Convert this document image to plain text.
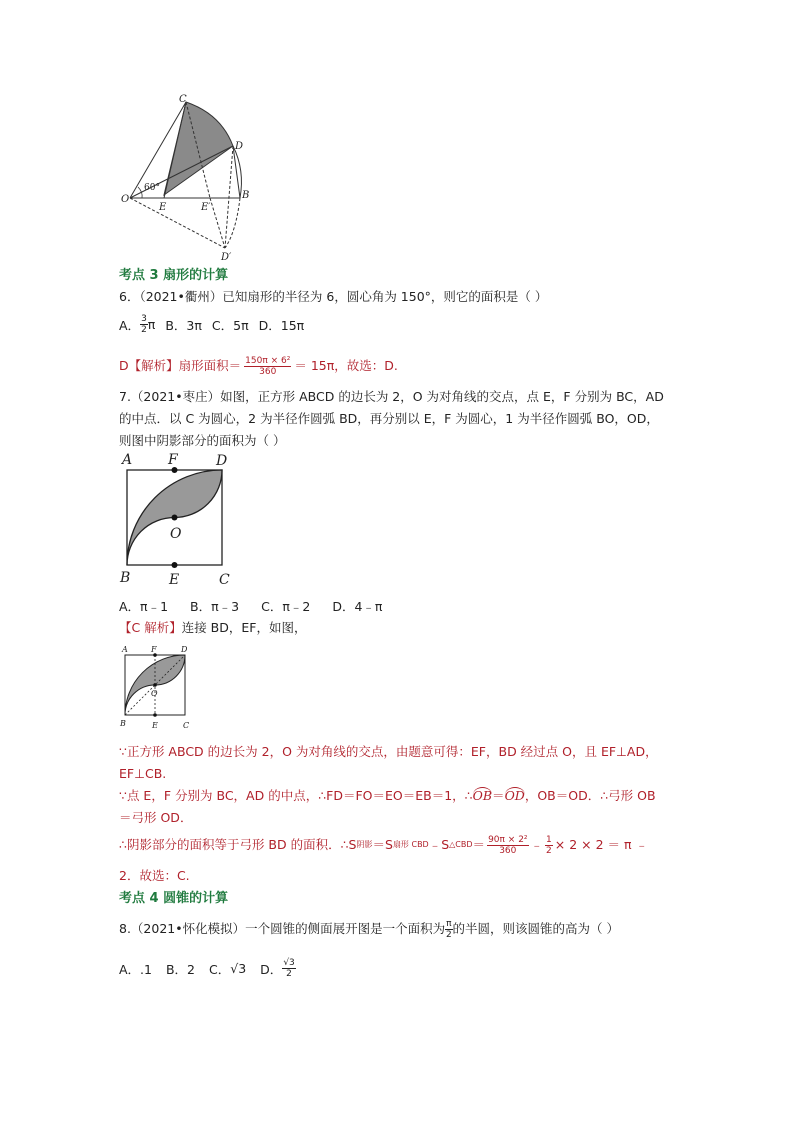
60°
C
D
O
E	E′
B
D′
考点 3 扇形的计算
6．（2021•衢州）已知扇形的半径为 6，圆心角为 150°，则它的面积是（ ）
A． $\frac{3}{2}$ π B．3π C．5π D．15π
D【解析】扇形面积＝ $\frac{\text{150π × 6²}}{360} = 15\pi$，故选：D.
7.（2021•枣庄）如图，正方形 ABCD 的边长为 2，O 为对角线的交点，点 E，F 分别为 BC，AD
的中点．以 C 为圆心，2 为半径作圆弧 BD，再分别以 E，F 为圆心，1 为半径作圆弧 BO，OD，
则图中阴影部分的面积为（ ）
A	F	D
O
B	E	C
A．π﹣1 B．π﹣3 C．π﹣2 D．4﹣π
【C 解析】连接 BD，EF，如图，
A	F	D
O
B	E	C
∵正方形 ABCD 的边长为 2，O 为对角线的交点，由题意可得：EF，BD 经过点 O，且 EF⊥AD，
EF⊥CB.
∵点 E，F 分别为 BC，AD 的中点，∴FD＝FO＝EO＝EB＝1，∴OB＝OD，OB＝OD．∴弓形 OB
＝弓形 OD．
∴阴影部分的面积等于弓形 BD 的面积．∴S 阴影 ＝S 扇形 CBD ﹣S △CBD ＝ $\frac{\text{90π × 2²}}{360}$ ﹣ $\frac{1}{2} \times 2 \times 2 = \pi$ ﹣
2．故选：C.
考点 4 圆锥的计算
8.（2021•怀化模拟）一个圆锥的侧面展开图是一个面积为 $\frac{\pi}{2}$ 的半圆，则该圆锥的高为（ ）
A．.1 B．2 C． √3 D． $\frac{√3}{2}$
